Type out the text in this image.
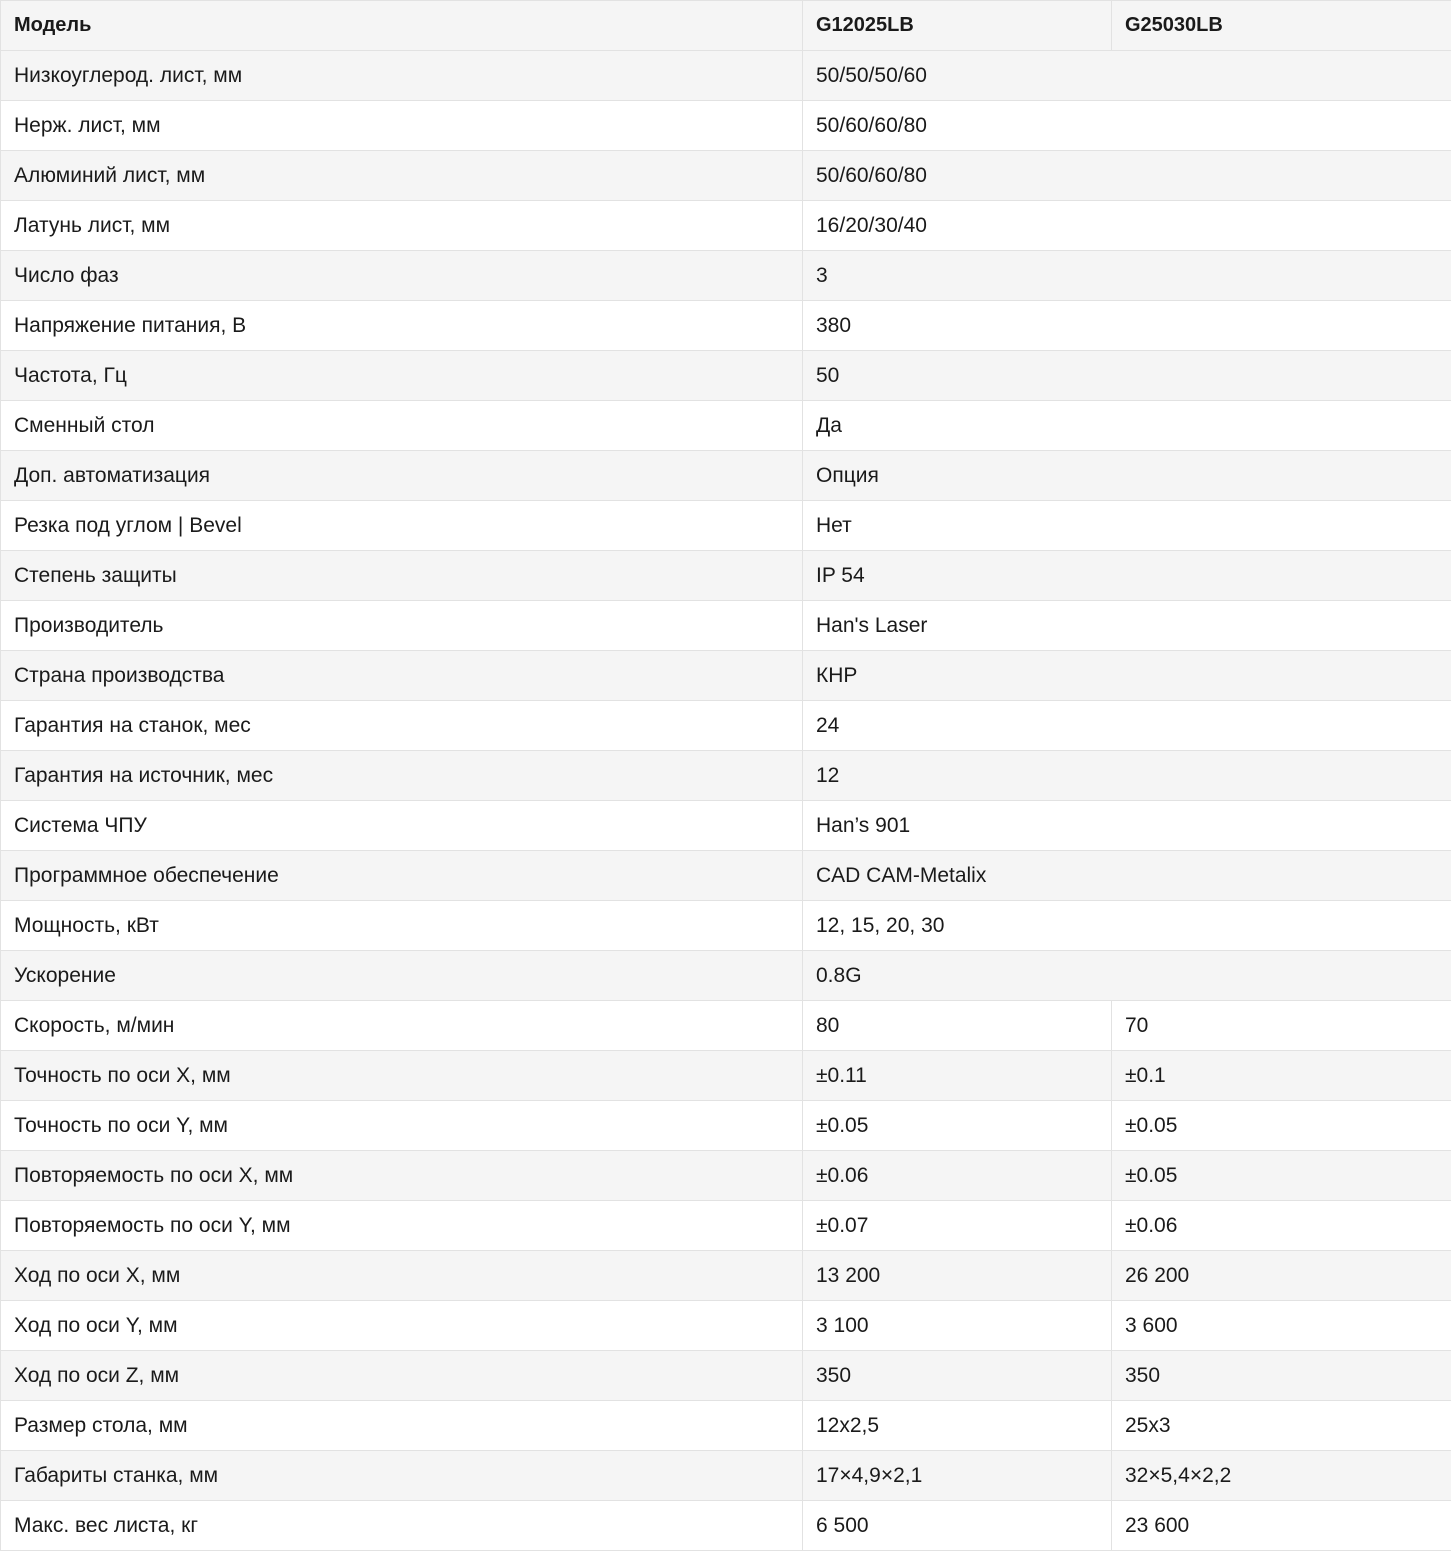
Модель	G12025LB	G25030LB
Низкоуглерод. лист, мм	50/50/50/60	
Нерж. лист, мм	50/60/60/80	
Алюминий лист, мм	50/60/60/80	
Латунь лист, мм	16/20/30/40	
Число фаз	3	
Напряжение питания, В	380	
Частота, Гц	50	
Сменный стол	Да	
Доп. автоматизация	Опция	
Резка под углом | Bevel	Нет	
Степень защиты	IP 54	
Производитель	Han's Laser	
Страна производства	КНР	
Гарантия на станок, мес	24	
Гарантия на источник, мес	12	
Система ЧПУ	Han’s 901	
Программное обеспечение	CAD CAM-Metalix	
Мощность, кВт	12, 15, 20, 30	
Ускорение	0.8G	
Скорость, м/мин	80	70
Точность по оси X, мм	±0.11	±0.1
Точность по оси Y, мм	±0.05	±0.05
Повторяемость по оси X, мм	±0.06	±0.05
Повторяемость по оси Y, мм	±0.07	±0.06
Ход по оси X, мм	13 200	26 200
Ход по оси Y, мм	3 100	3 600
Ход по оси Z, мм	350	350
Размер стола, мм	12x2,5	25x3
Габариты станка, мм	17×4,9×2,1	32×5,4×2,2
Макс. вес листа, кг	6 500	23 600
